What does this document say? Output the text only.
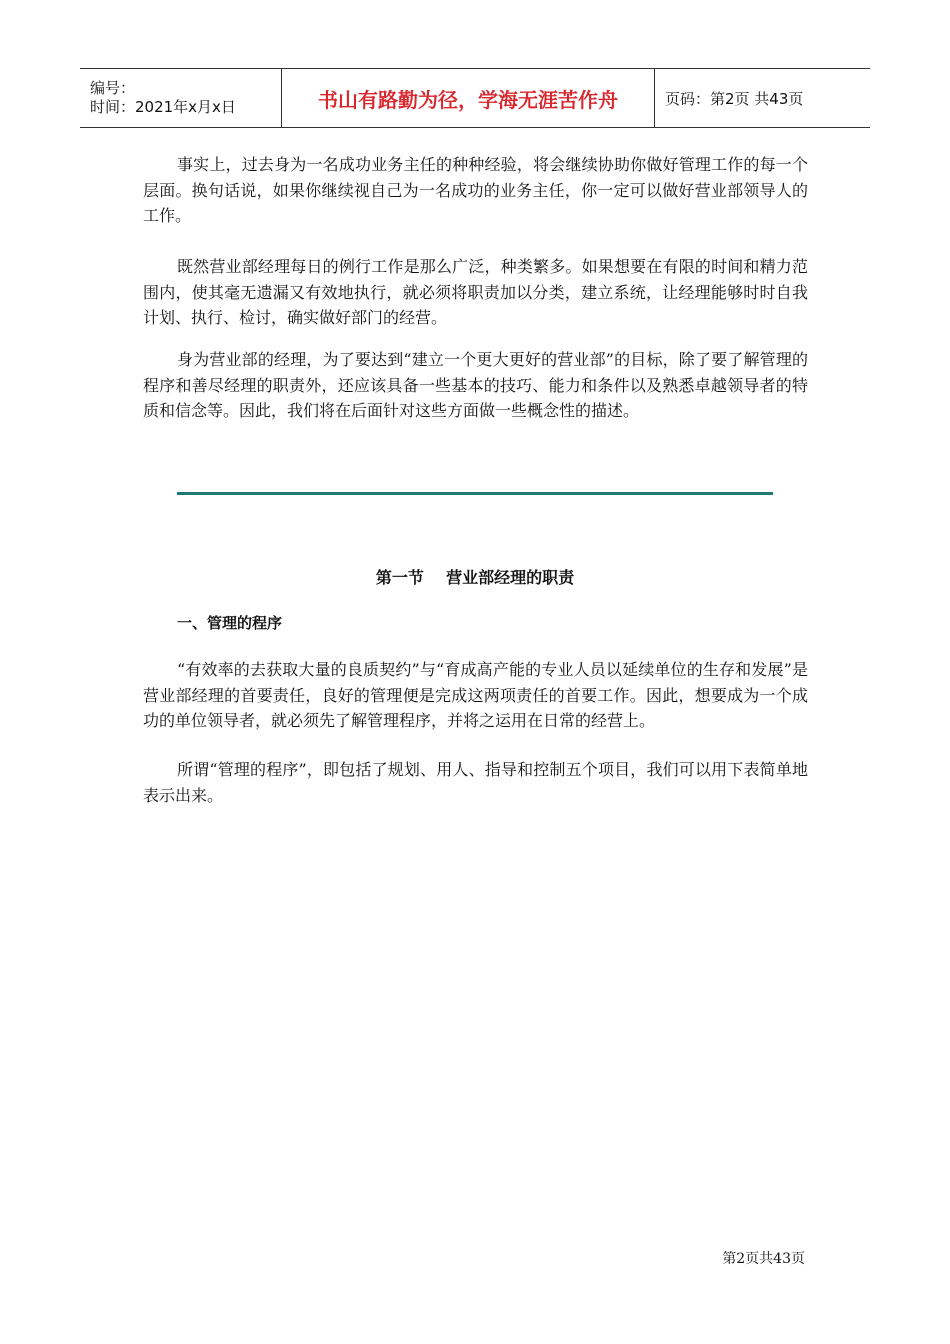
编号：
时间：2021年x月x日	书山有路勤为径，学海无涯苦作舟	页码：第2页 共43页

事实上，过去身为一名成功业务主任的种种经验，将会继续协助你做好管理工作的每一个层面。换句话说，如果你继续视自己为一名成功的业务主任，你一定可以做好营业部领导人的工作。

既然营业部经理每日的例行工作是那么广泛，种类繁多。如果想要在有限的时间和精力范围内，使其毫无遗漏又有效地执行，就必须将职责加以分类，建立系统，让经理能够时时自我计划、执行、检讨，确实做好部门的经营。

身为营业部的经理，为了要达到“建立一个更大更好的营业部”的目标，除了要了解管理的程序和善尽经理的职责外，还应该具备一些基本的技巧、能力和条件以及熟悉卓越领导者的特质和信念等。因此，我们将在后面针对这些方面做一些概念性的描述。

第一节    营业部经理的职责
一、管理的程序

“有效率的去获取大量的良质契约”与“育成高产能的专业人员以延续单位的生存和发展”是营业部经理的首要责任，良好的管理便是完成这两项责任的首要工作。因此，想要成为一个成功的单位领导者，就必须先了解管理程序，并将之运用在日常的经营上。

所谓“管理的程序”，即包括了规划、用人、指导和控制五个项目，我们可以用下表简单地表示出来。

第2页共43页
